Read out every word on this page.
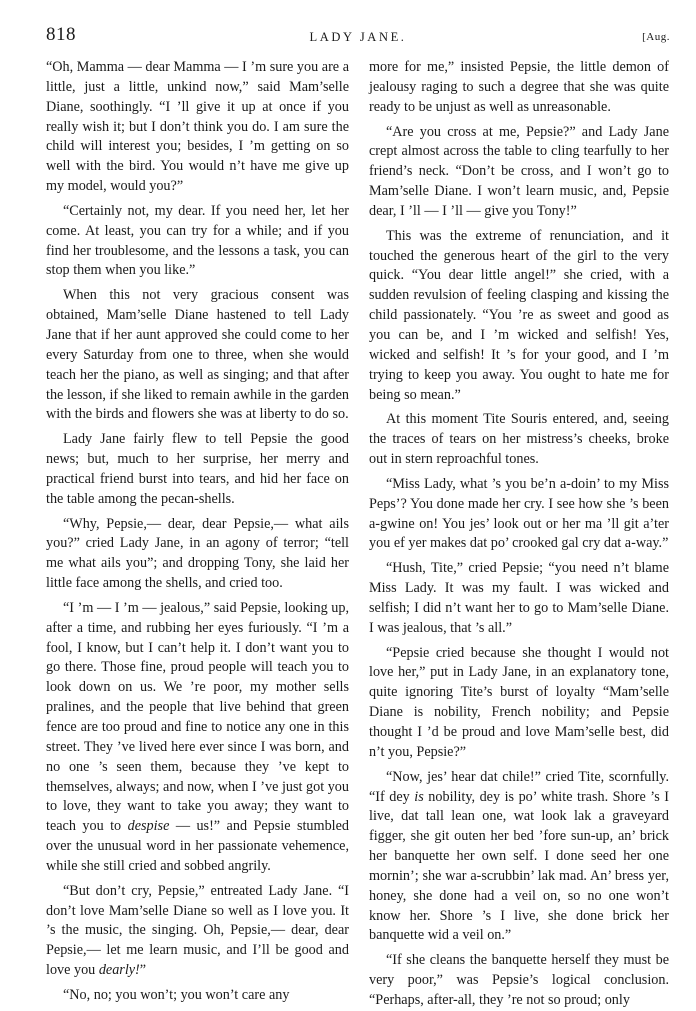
818	LADY JANE.	[Aug.

“Oh, Mamma — dear Mamma — I ’m sure you are a little, just a little, unkind now,” said Mam’selle Diane, soothingly. “I ’ll give it up at once if you really wish it; but I don’t think you do. I am sure the child will interest you; besides, I ’m getting on so well with the bird. You would n’t have me give up my model, would you?”

“Certainly not, my dear. If you need her, let her come. At least, you can try for a while; and if you find her troublesome, and the lessons a task, you can stop them when you like.”

When this not very gracious consent was obtained, Mam’selle Diane hastened to tell Lady Jane that if her aunt approved she could come to her every Saturday from one to three, when she would teach her the piano, as well as singing; and that after the lesson, if she liked to remain awhile in the garden with the birds and flowers she was at liberty to do so.

Lady Jane fairly flew to tell Pepsie the good news; but, much to her surprise, her merry and practical friend burst into tears, and hid her face on the table among the pecan-shells.

“Why, Pepsie,— dear, dear Pepsie,— what ails you?” cried Lady Jane, in an agony of terror; “tell me what ails you”; and dropping Tony, she laid her little face among the shells, and cried too.

“I ’m — I ’m — jealous,” said Pepsie, looking up, after a time, and rubbing her eyes furiously. “I ’m a fool, I know, but I can’t help it. I don’t want you to go there. Those fine, proud people will teach you to look down on us. We ’re poor, my mother sells pralines, and the people that live behind that green fence are too proud and fine to notice any one in this street. They ’ve lived here ever since I was born, and no one ’s seen them, because they ’ve kept to themselves, always; and now, when I ’ve just got you to love, they want to take you away; they want to teach you to despise — us!” and Pepsie stumbled over the unusual word in her passionate vehemence, while she still cried and sobbed angrily.

“But don’t cry, Pepsie,” entreated Lady Jane. “I don’t love Mam’selle Diane so well as I love you. It ’s the music, the singing. Oh, Pepsie,— dear, dear Pepsie,— let me learn music, and I’ll be good and love you dearly!”

“No, no; you won’t; you won’t care any

more for me,” insisted Pepsie, the little demon of jealousy raging to such a degree that she was quite ready to be unjust as well as unreasonable.

“Are you cross at me, Pepsie?” and Lady Jane crept almost across the table to cling tearfully to her friend’s neck. “Don’t be cross, and I won’t go to Mam’selle Diane. I won’t learn music, and, Pepsie dear, I ’ll — I ’ll — give you Tony!”

This was the extreme of renunciation, and it touched the generous heart of the girl to the very quick. “You dear little angel!” she cried, with a sudden revulsion of feeling clasping and kissing the child passionately. “You ’re as sweet and good as you can be, and I ’m wicked and selfish! Yes, wicked and selfish! It ’s for your good, and I ’m trying to keep you away. You ought to hate me for being so mean.”

At this moment Tite Souris entered, and, seeing the traces of tears on her mistress’s cheeks, broke out in stern reproachful tones.

“Miss Lady, what ’s you be’n a-doin’ to my Miss Peps’? You done made her cry. I see how she ’s been a-gwine on! You jes’ look out or her ma ’ll git a’ter you ef yer makes dat po’ crooked gal cry dat a-way.”

“Hush, Tite,” cried Pepsie; “you need n’t blame Miss Lady. It was my fault. I was wicked and selfish; I did n’t want her to go to Mam’selle Diane. I was jealous, that ’s all.”

“Pepsie cried because she thought I would not love her,” put in Lady Jane, in an explanatory tone, quite ignoring Tite’s burst of loyalty “Mam’selle Diane is nobility, French nobility; and Pepsie thought I ’d be proud and love Mam’selle best, did n’t you, Pepsie?”

“Now, jes’ hear dat chile!” cried Tite, scornfully. “If dey is nobility, dey is po’ white trash. Shore ’s I live, dat tall lean one, wat look lak a graveyard figger, she git outen her bed ’fore sun-up, an’ brick her banquette her own self. I done seed her one mornin’; she war a-scrubbin’ lak mad. An’ bress yer, honey, she done had a veil on, so no one won’t know her. Shore ’s I live, she done brick her banquette wid a veil on.”

“If she cleans the banquette herself they must be very poor,” was Pepsie’s logical conclusion. “Perhaps, after-all, they ’re not so proud; only
